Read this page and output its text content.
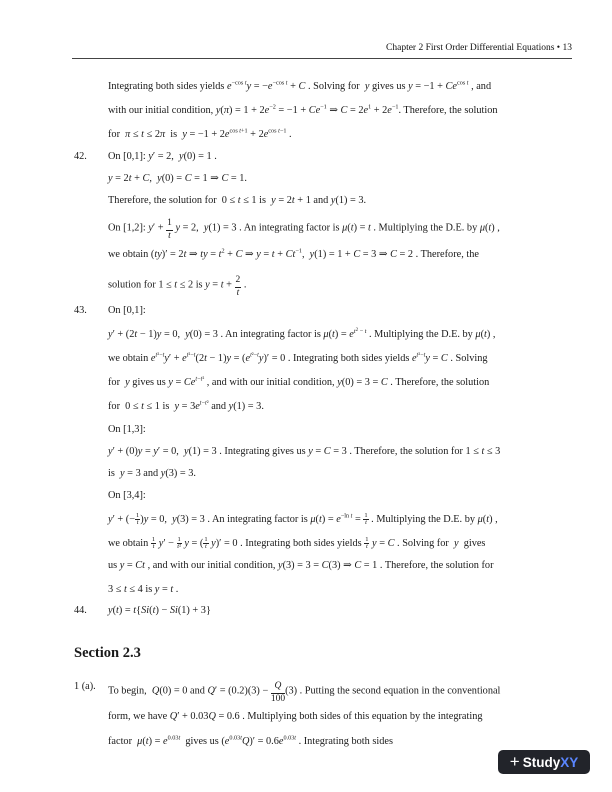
Chapter 2 First Order Differential Equations • 13
Integrating both sides yields $e^{-cos t}y = -e^{-cos t} + C$ . Solving for  y gives us $y = -1 + Ce^{cos t}$ , and
with our initial condition, $y(\pi) = 1 + 2e^{-2} = -1 + Ce^{-1}$ ⇒ $C = 2e^1 + 2e^{-1}$. Therefore, the solution
for  π ≤ t ≤ 2π  is  $y = -1 + 2e^{cos t+1} + 2e^{cos t-1}$ .
42. On [0,1]: y′ = 2,  y(0) = 1 .
y = 2t + C,  y(0) = C = 1 ⇒ C = 1.
Therefore, the solution for  0 ≤ t ≤ 1 is  y = 2t + 1 and y(1) = 3.
On [1,2]: $y' + \frac{1}{t}$ y = 2,  y(1) = 3 . An integrating factor is μ(t) = t . Multiplying the D.E. by μ(t) ,
we obtain (ty)′ = 2t ⇒ ty = $t^2 + C$ ⇒ $y = t + Ct^{-1}$,  y(1) = 1 + C = 3 ⇒ C = 2 . Therefore, the
solution for 1 ≤ t ≤ 2 is $y = t + \frac{2}{t}$ .
43. On [0,1]:
y′ + (2t − 1)y = 0,  y(0) = 3 . An integrating factor is $\mu(t) = e^{t^2 - t}$ . Multiplying the D.E. by μ(t) ,
we obtain $e^{t^2-t}y' + e^{t^2-t}(2t - 1)y = (e^{t^2-t}y)' = 0$ . Integrating both sides yields $e^{t^2-t}y = C$ . Solving
for  y gives us $y = Ce^{t-t^2}$ , and with our initial condition, y(0) = 3 = C . Therefore, the solution
for  0 ≤ t ≤ 1 is  $y = 3e^{t-t^2}$ and y(1) = 3.
On [1,3]:
y′ + (0)y = y′ = 0,  y(1) = 3 . Integrating gives us y = C = 3 . Therefore, the solution for 1 ≤ t ≤ 3
is  y = 3 and y(3) = 3.
On [3,4]:
y′ + (− $\frac{1}{t} )y = 0$,  y(3) = 3 . An integrating factor is $\mu(t) = e^{-ln t} = \frac{1}{t}$ . Multiplying the D.E. by μ(t) ,
we obtain $\frac{1}{t} y' - \frac{1}{\text{t²}}$ y = ( $\frac{1}{t} y)' = 0$ . Integrating both sides yields $\frac{1}{t}$ y = C . Solving for  y  gives
us y = Ct , and with our initial condition, y(3) = 3 = C(3) ⇒ C = 1 . Therefore, the solution for
3 ≤ t ≤ 4 is y = t .
44. y(t) = t{Si(t) − Si(1) + 3}
Section 2.3
1 (a). To begin,  Q(0) = 0 and $Q' = (0.2)(3) - \frac{Q}{100} (3)$ . Putting the second equation in the conventional
form, we have Q′ + 0.03Q = 0.6 . Multiplying both sides of this equation by the integrating
factor  $\mu(t) = e^{0.03t}$  gives us $(e^{0.03t}Q)' = 0.6e^{0.03t}$ . Integrating both sides
+ StudyXY
